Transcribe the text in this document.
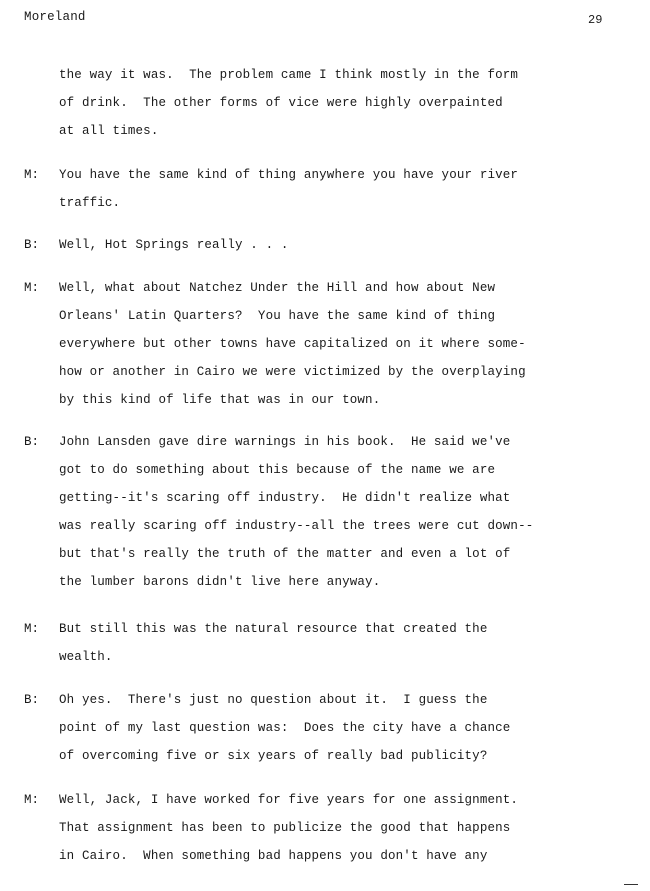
Moreland	29
the way it was.  The problem came I think mostly in the form
of drink.  The other forms of vice were highly overpainted
at all times.
M: You have the same kind of thing anywhere you have your river
traffic.
B: Well, Hot Springs really . . .
M: Well, what about Natchez Under the Hill and how about New
Orleans' Latin Quarters?  You have the same kind of thing
everywhere but other towns have capitalized on it where some-
how or another in Cairo we were victimized by the overplaying
by this kind of life that was in our town.
B: John Lansden gave dire warnings in his book.  He said we've
got to do something about this because of the name we are
getting--it's scaring off industry.  He didn't realize what
was really scaring off industry--all the trees were cut down--
but that's really the truth of the matter and even a lot of
the lumber barons didn't live here anyway.
M: But still this was the natural resource that created the
wealth.
B: Oh yes.  There's just no question about it.  I guess the
point of my last question was:  Does the city have a chance
of overcoming five or six years of really bad publicity?
M: Well, Jack, I have worked for five years for one assignment.
That assignment has been to publicize the good that happens
in Cairo.  When something bad happens you don't have any
